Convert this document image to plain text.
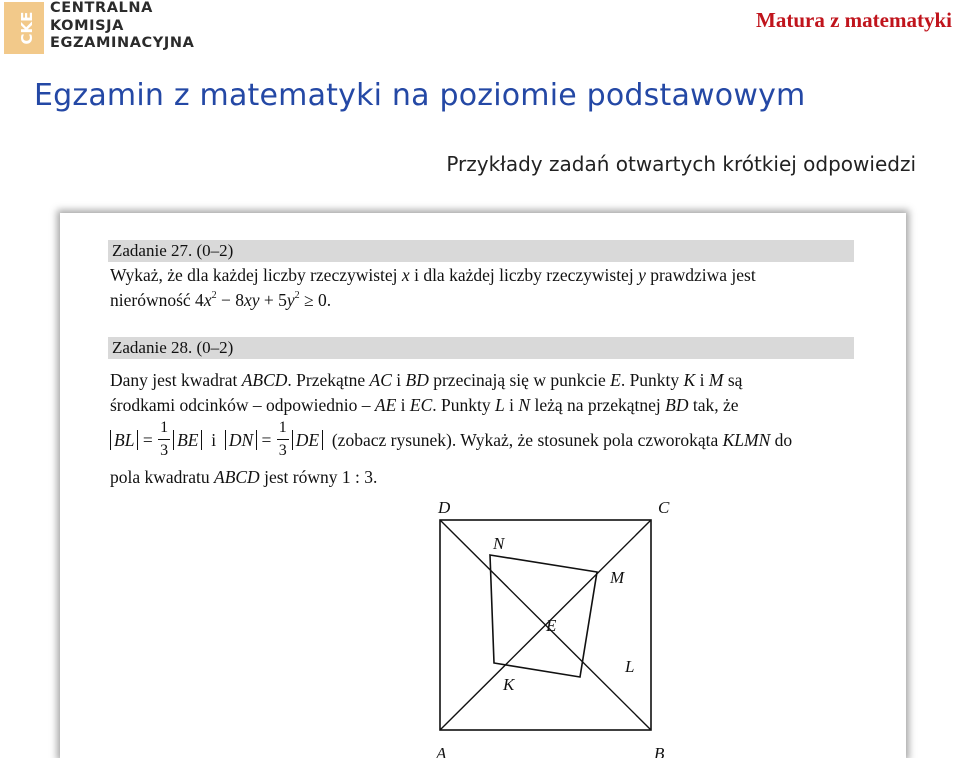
CKE
CENTRALNA
KOMISJA
EGZAMINACYJNA
Matura z matematyki
Egzamin z matematyki na poziomie podstawowym
Przykłady zadań otwartych krótkiej odpowiedzi
Zadanie 27. (0–2)
Wykaż, że dla każdej liczby rzeczywistej x i dla każdej liczby rzeczywistej y prawdziwa jest
nierówność $4x^2 - 8xy + 5y^2 \ge 0$.
Zadanie 28. (0–2)
Dany jest kwadrat ABCD. Przekątne AC i BD przecinają się w punkcie E. Punkty K i M są
środkami odcinków – odpowiednio – AE i EC. Punkty L i N leżą na przekątnej BD tak, że
BL = $\frac{1}{3}$ BE  i  DN = $\frac{1}{3}$ DE  (zobacz rysunek). Wykaż, że stosunek pola czworokąta KLMN do
pola kwadratu ABCD jest równy 1 : 3.
D	C
A	B
N
M
E
K
L
